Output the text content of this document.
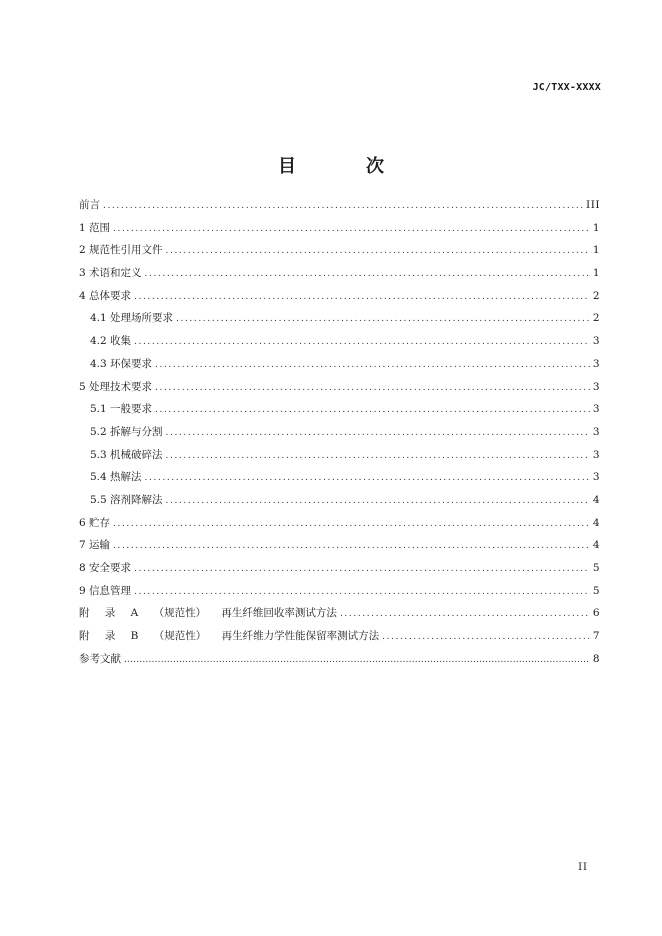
JC/TXX-XXXX
目　次
前言 .....	III
1 范围 .....	1
2 规范性引用文件 .....	1
3 术语和定义 .....	1
4 总体要求 .....	2
4.1 处理场所要求 .....	2
4.2 收集 .....	3
4.3 环保要求 .....	3
5 处理技术要求 .....	3
5.1 一般要求 .....	3
5.2 拆解与分割 .....	3
5.3 机械破碎法 .....	3
5.4 热解法 .....	3
5.5 溶剂降解法 .....	4
6 贮存 .....	4
7 运输 .....	4
8 安全要求 .....	5
9 信息管理 .....	5
附 录 A （规范性） 再生纤维回收率测试方法 .....	6
附 录 B （规范性） 再生纤维力学性能保留率测试方法 .....	7
参考文献 .....	8
II
